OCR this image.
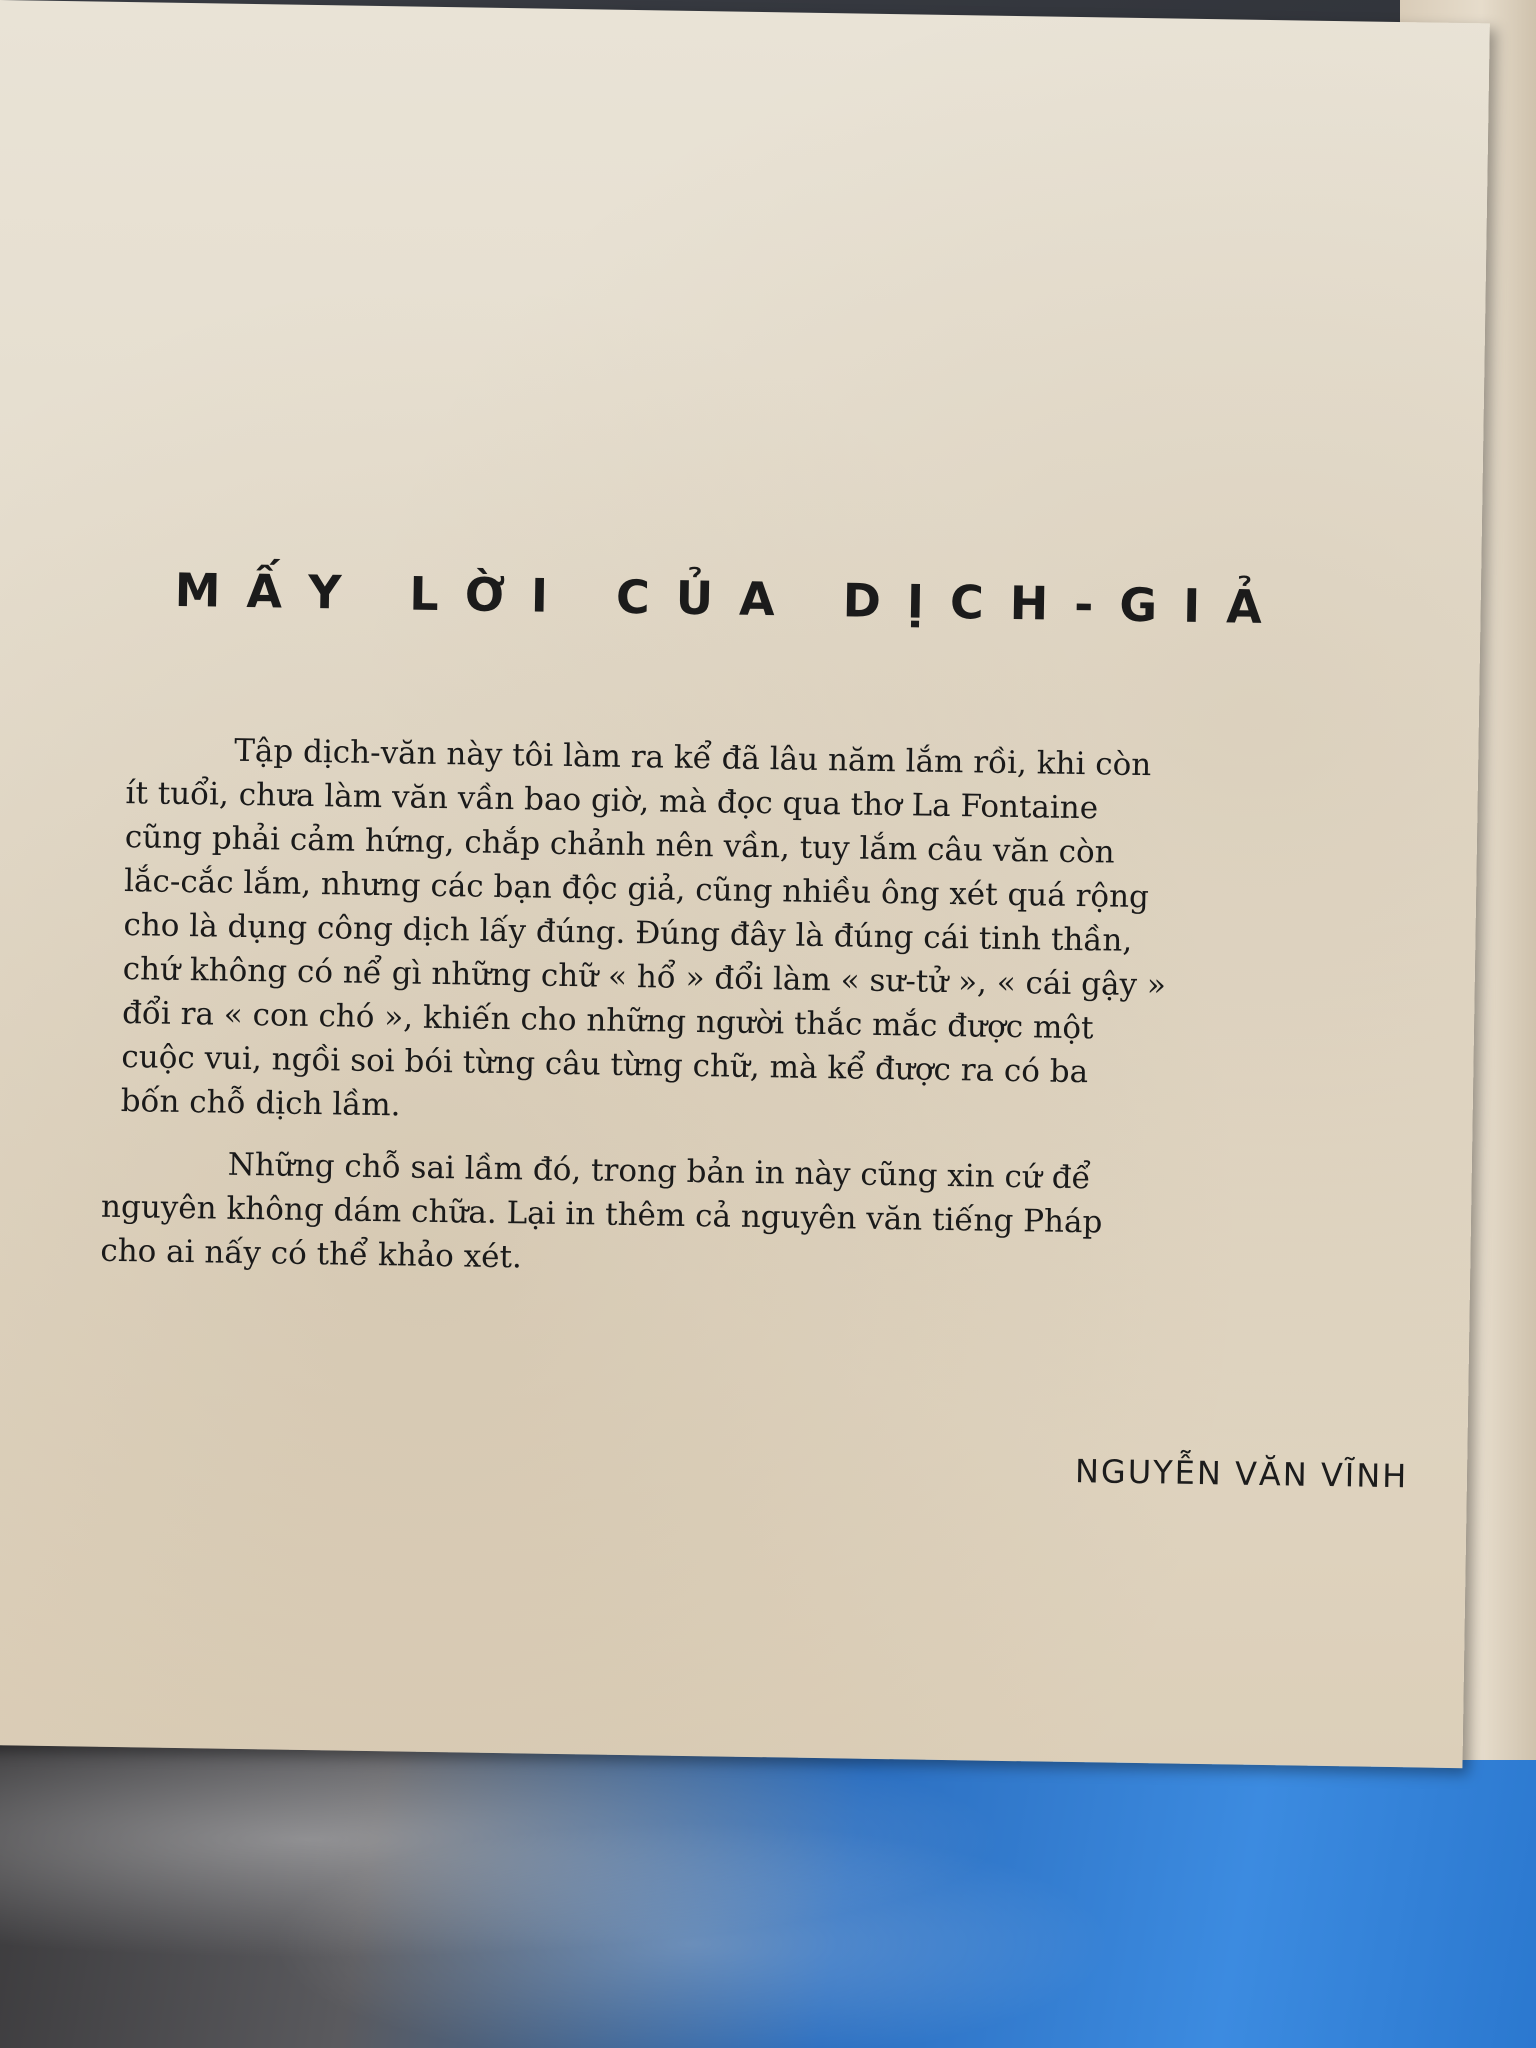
MẤY LỜI CỦA DỊCH-GIẢ

Tập dịch-văn này tôi làm ra kể đã lâu năm lắm rồi, khi còn
ít tuổi, chưa làm văn vần bao giờ, mà đọc qua thơ La Fontaine
cũng phải cảm hứng, chắp chảnh nên vần, tuy lắm câu văn còn
lắc-cắc lắm, nhưng các bạn độc giả, cũng nhiều ông xét quá rộng
cho là dụng công dịch lấy đúng. Đúng đây là đúng cái tinh thần,
chứ không có nể gì những chữ « hổ » đổi làm « sư-tử », « cái gậy »
đổi ra « con chó », khiến cho những người thắc mắc được một
cuộc vui, ngồi soi bói từng câu từng chữ, mà kể được ra có ba
bốn chỗ dịch lầm.

Những chỗ sai lầm đó, trong bản in này cũng xin cứ để
nguyên không dám chữa. Lại in thêm cả nguyên văn tiếng Pháp
cho ai nấy có thể khảo xét.

NGUYỄN VĂN VĨNH
